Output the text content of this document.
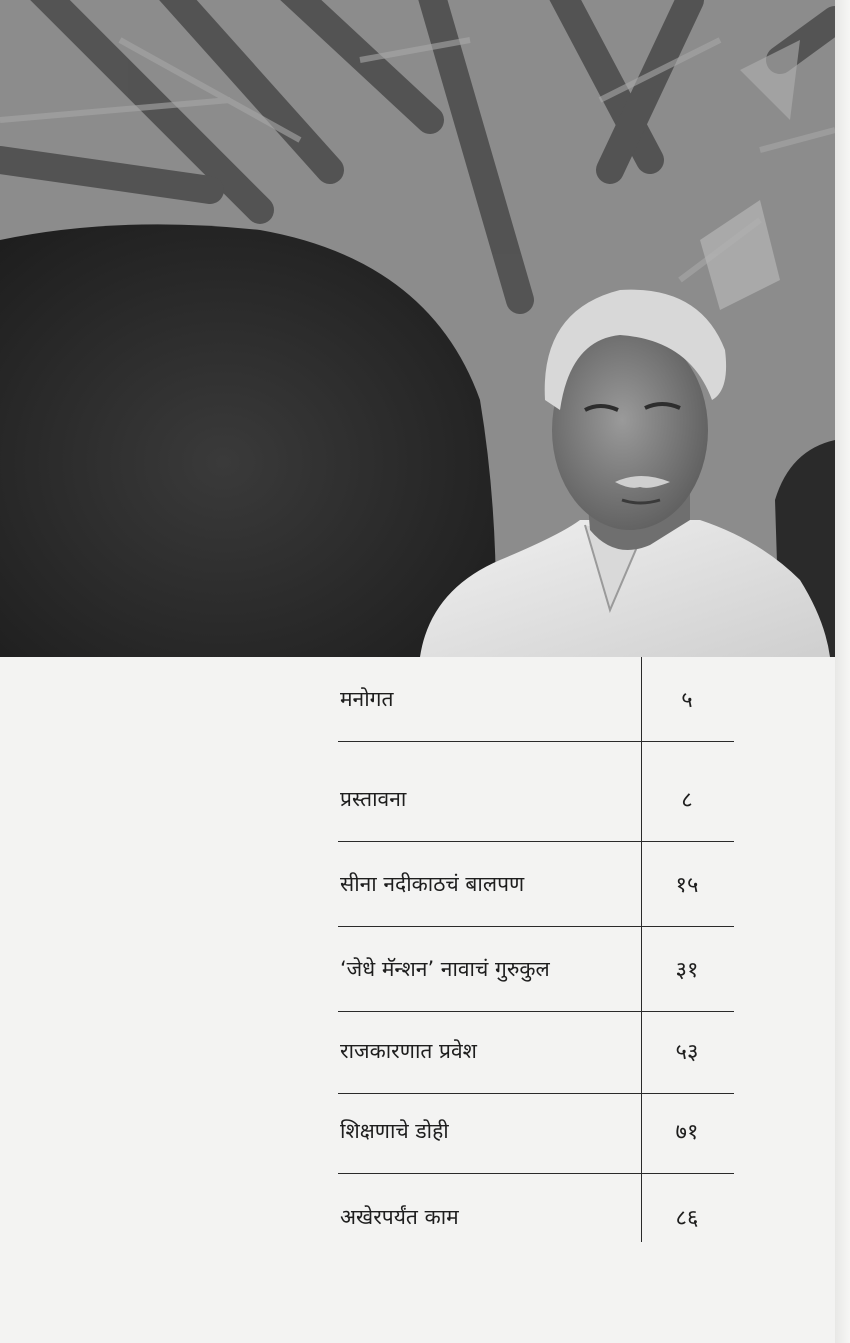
मनोगत	५
प्रस्तावना	८
सीना नदीकाठचं बालपण	१५
‘जेधे मॅन्शन’ नावाचं गुरुकुल	३१
राजकारणात प्रवेश	५३
शिक्षणाचे डोही	७१
अखेरपर्यंत काम	८६
